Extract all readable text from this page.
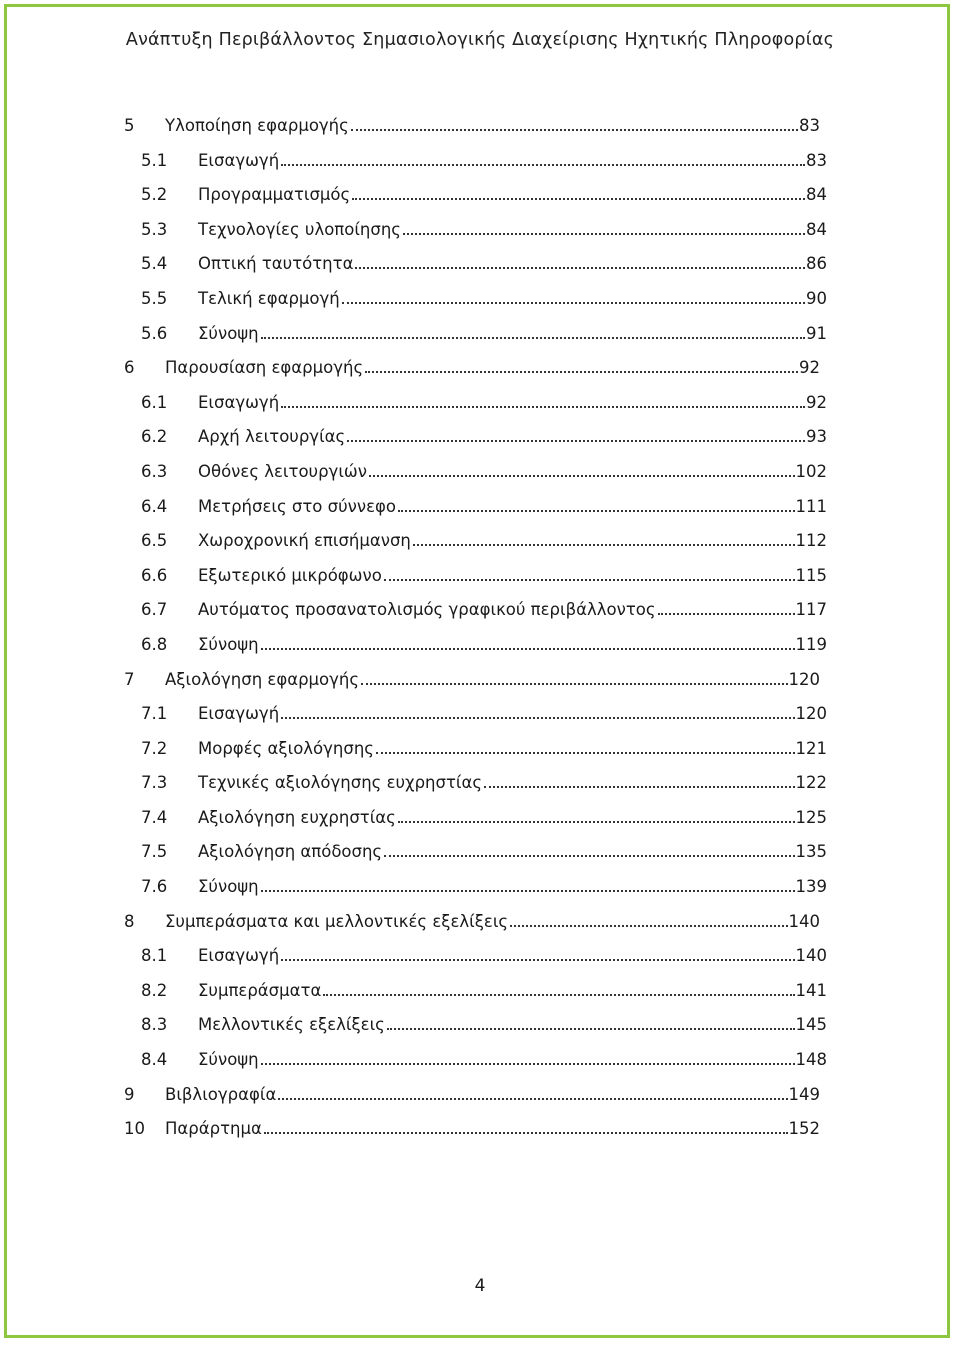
Ανάπτυξη Περιβάλλοντος Σημασιολογικής Διαχείρισης Ηχητικής Πληροφορίας
5 Υλοποίηση εφαρμογής	83
5.1 Εισαγωγή	83
5.2 Προγραμματισμός	84
5.3 Τεχνολογίες υλοποίησης	84
5.4 Οπτική ταυτότητα	86
5.5 Τελική εφαρμογή	90
5.6 Σύνοψη	91
6 Παρουσίαση εφαρμογής	92
6.1 Εισαγωγή	92
6.2 Αρχή λειτουργίας	93
6.3 Οθόνες λειτουργιών	102
6.4 Μετρήσεις στο σύννεφο	111
6.5 Χωροχρονική επισήμανση	112
6.6 Εξωτερικό μικρόφωνο	115
6.7 Αυτόματος προσανατολισμός γραφικού περιβάλλοντος	117
6.8 Σύνοψη	119
7 Αξιολόγηση εφαρμογής	120
7.1 Εισαγωγή	120
7.2 Μορφές αξιολόγησης	121
7.3 Τεχνικές αξιολόγησης ευχρηστίας	122
7.4 Αξιολόγηση ευχρηστίας	125
7.5 Αξιολόγηση απόδοσης	135
7.6 Σύνοψη	139
8 Συμπεράσματα και μελλοντικές εξελίξεις	140
8.1 Εισαγωγή	140
8.2 Συμπεράσματα	141
8.3 Μελλοντικές εξελίξεις	145
8.4 Σύνοψη	148
9 Βιβλιογραφία	149
10 Παράρτημα	152
4
